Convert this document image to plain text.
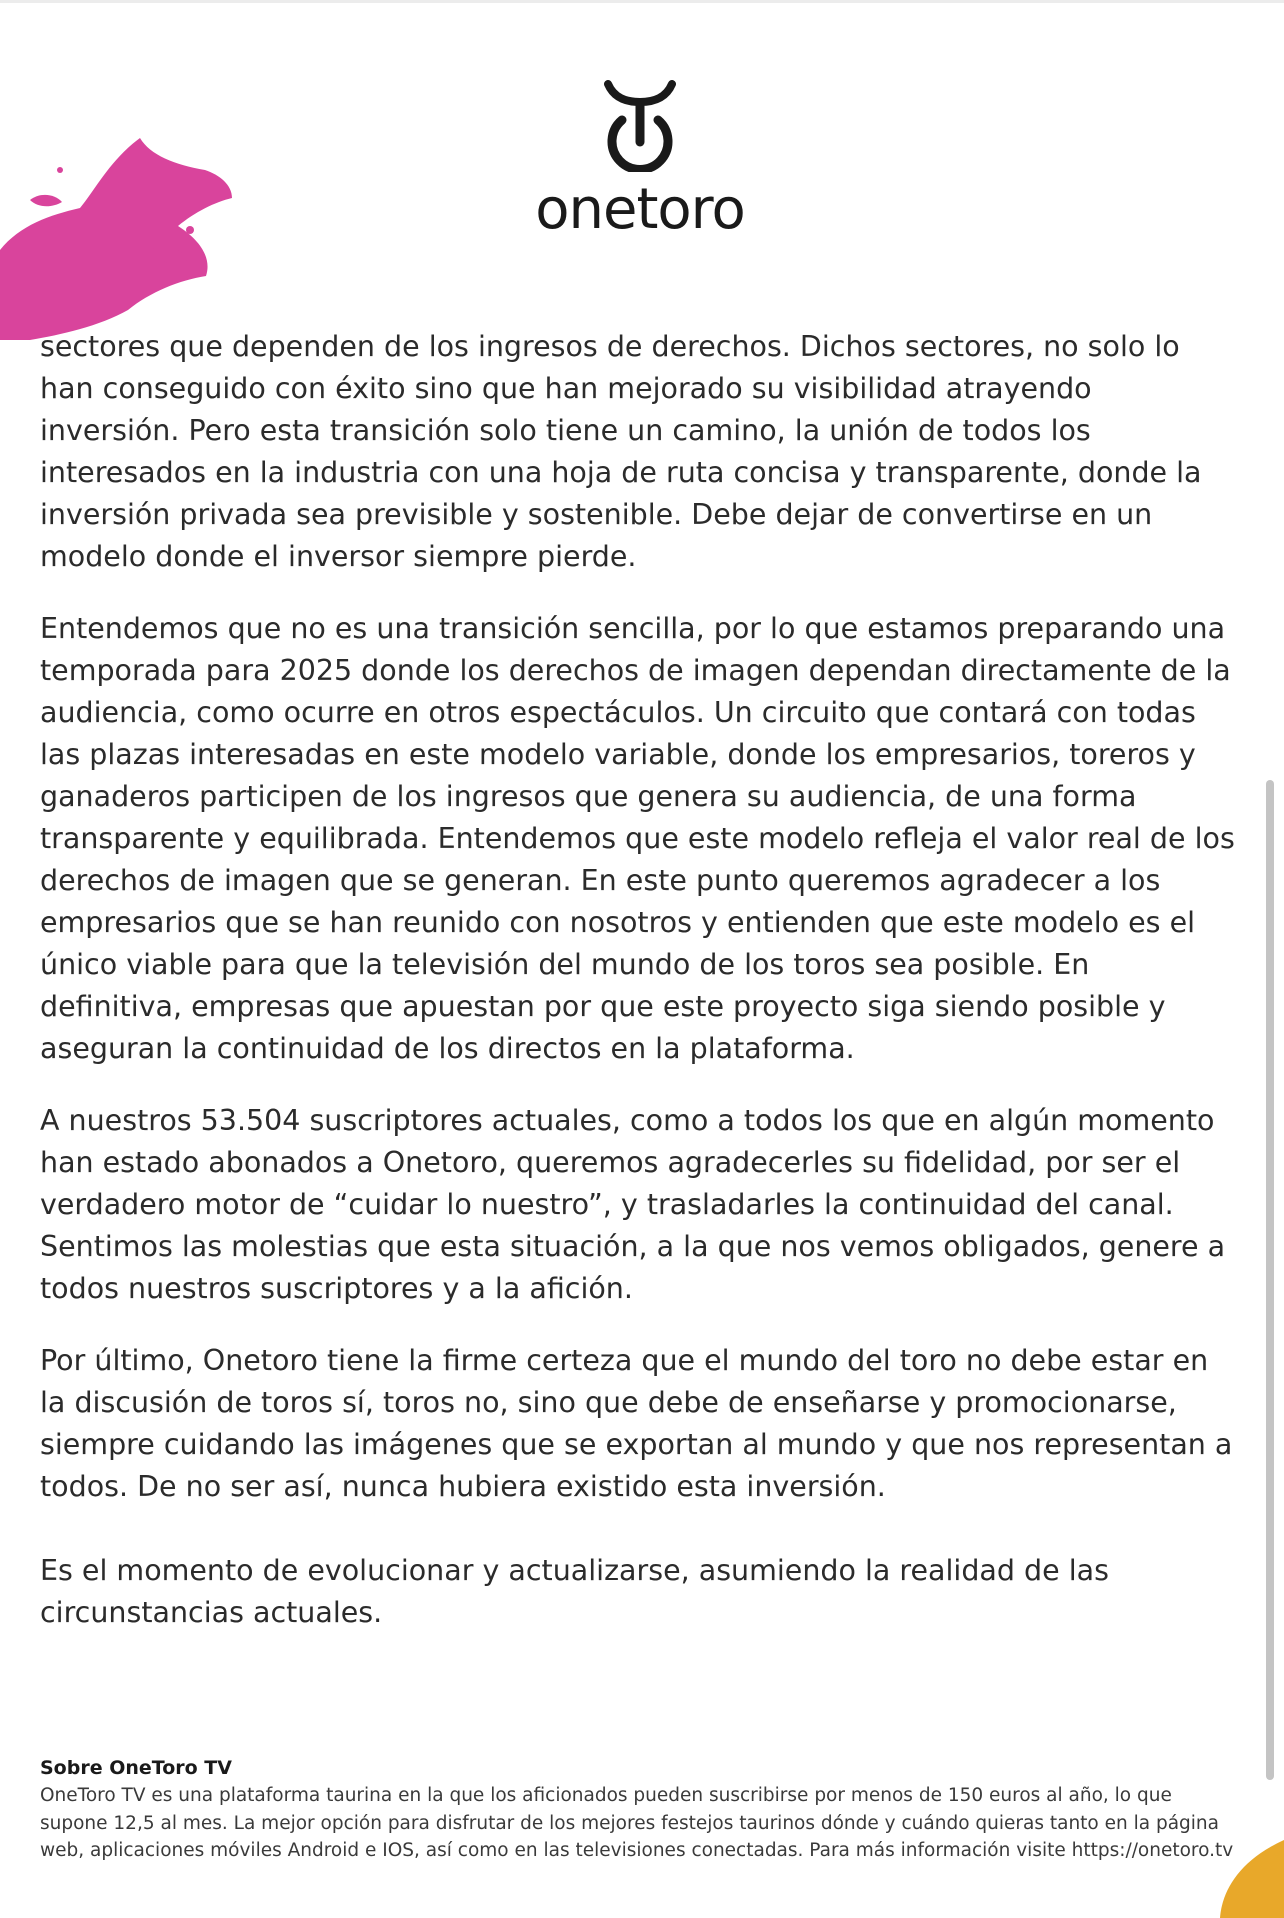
onetoro

sectores que dependen de los ingresos de derechos. Dichos sectores, no solo lo han conseguido con éxito sino que han mejorado su visibilidad atrayendo inversión. Pero esta transición solo tiene un camino, la unión de todos los interesados en la industria con una hoja de ruta concisa y transparente, donde la inversión privada sea previsible y sostenible. Debe dejar de convertirse en un modelo donde el inversor siempre pierde.

Entendemos que no es una transición sencilla, por lo que estamos preparando una temporada para 2025 donde los derechos de imagen dependan directamente de la audiencia, como ocurre en otros espectáculos. Un circuito que contará con todas las plazas interesadas en este modelo variable, donde los empresarios, toreros y ganaderos participen de los ingresos que genera su audiencia, de una forma transparente y equilibrada. Entendemos que este modelo refleja el valor real de los derechos de imagen que se generan. En este punto queremos agradecer a los empresarios que se han reunido con nosotros y entienden que este modelo es el único viable para que la televisión del mundo de los toros sea posible. En definitiva, empresas que apuestan por que este proyecto siga siendo posible y aseguran la continuidad de los directos en la plataforma.

A nuestros 53.504 suscriptores actuales, como a todos los que en algún momento han estado abonados a Onetoro, queremos agradecerles su fidelidad, por ser el verdadero motor de “cuidar lo nuestro”, y trasladarles la continuidad del canal. Sentimos las molestias que esta situación, a la que nos vemos obligados, genere a todos nuestros suscriptores y a la afición.

Por último, Onetoro tiene la firme certeza que el mundo del toro no debe estar en la discusión de toros sí, toros no, sino que debe de enseñarse y promocionarse, siempre cuidando las imágenes que se exportan al mundo y que nos representan a todos. De no ser así, nunca hubiera existido esta inversión.

Es el momento de evolucionar y actualizarse, asumiendo la realidad de las circunstancias actuales.

Sobre OneToro TV

OneToro TV es una plataforma taurina en la que los aficionados pueden suscribirse por menos de 150 euros al año, lo que supone 12,5 al mes. La mejor opción para disfrutar de los mejores festejos taurinos dónde y cuándo quieras tanto en la página web, aplicaciones móviles Android e IOS, así como en las televisiones conectadas. Para más información visite https://onetoro.tv
